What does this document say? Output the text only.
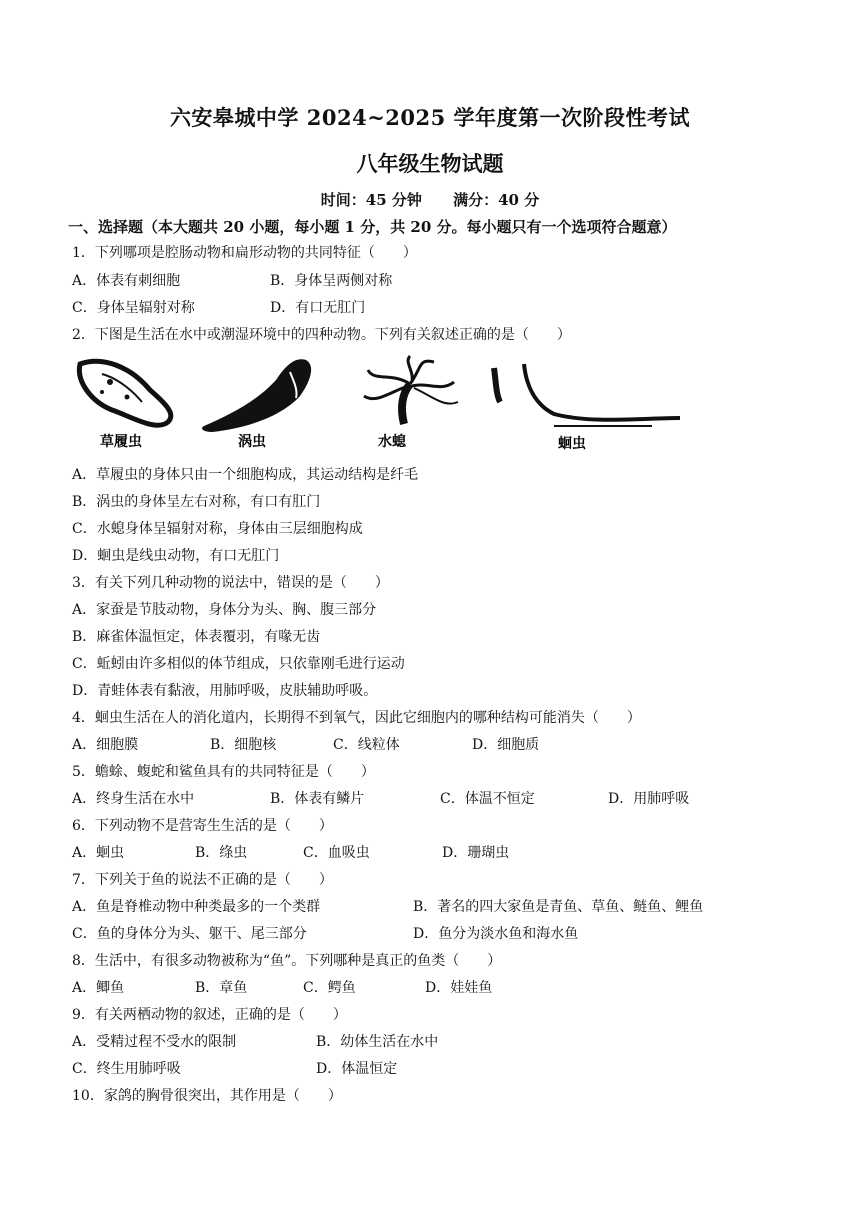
六安皋城中学 2024~2025 学年度第一次阶段性考试
八年级生物试题
时间：45 分钟 满分：40 分
一、选择题（本大题共 20 小题，每小题 1 分，共 20 分。每小题只有一个选项符合题意）
1．下列哪项是腔肠动物和扁形动物的共同特征（　　）
A．体表有刺细胞	B．身体呈两侧对称
C．身体呈辐射对称	D．有口无肛门
2．下图是生活在水中或潮湿环境中的四种动物。下列有关叙述正确的是（　　）
草履虫	涡虫	水螅	蛔虫
A．草履虫的身体只由一个细胞构成，其运动结构是纤毛
B．涡虫的身体呈左右对称，有口有肛门
C．水螅身体呈辐射对称，身体由三层细胞构成
D．蛔虫是线虫动物，有口无肛门
3．有关下列几种动物的说法中，错误的是（　　）
A．家蚕是节肢动物，身体分为头、胸、腹三部分
B．麻雀体温恒定，体表覆羽，有喙无齿
C．蚯蚓由许多相似的体节组成，只依靠刚毛进行运动
D．青蛙体表有黏液，用肺呼吸，皮肤辅助呼吸。
4．蛔虫生活在人的消化道内，长期得不到氧气，因此它细胞内的哪种结构可能消失（　　）
A．细胞膜	B．细胞核	C．线粒体	D．细胞质
5．蟾蜍、蝮蛇和鲨鱼具有的共同特征是（　　）
A．终身生活在水中	B．体表有鳞片	C．体温不恒定	D．用肺呼吸
6．下列动物不是营寄生生活的是（　　）
A．蛔虫	B．绦虫	C．血吸虫	D．珊瑚虫
7．下列关于鱼的说法不正确的是（　　）
A．鱼是脊椎动物中种类最多的一个类群	B．著名的四大家鱼是青鱼、草鱼、鲢鱼、鲤鱼
C．鱼的身体分为头、躯干、尾三部分	D．鱼分为淡水鱼和海水鱼
8．生活中，有很多动物被称为“鱼”。下列哪种是真正的鱼类（　　）
A．鲫鱼	B．章鱼	C．鳄鱼	D．娃娃鱼
9．有关两栖动物的叙述，正确的是（　　）
A．受精过程不受水的限制	B．幼体生活在水中
C．终生用肺呼吸	D．体温恒定
10．家鸽的胸骨很突出，其作用是（　　）
